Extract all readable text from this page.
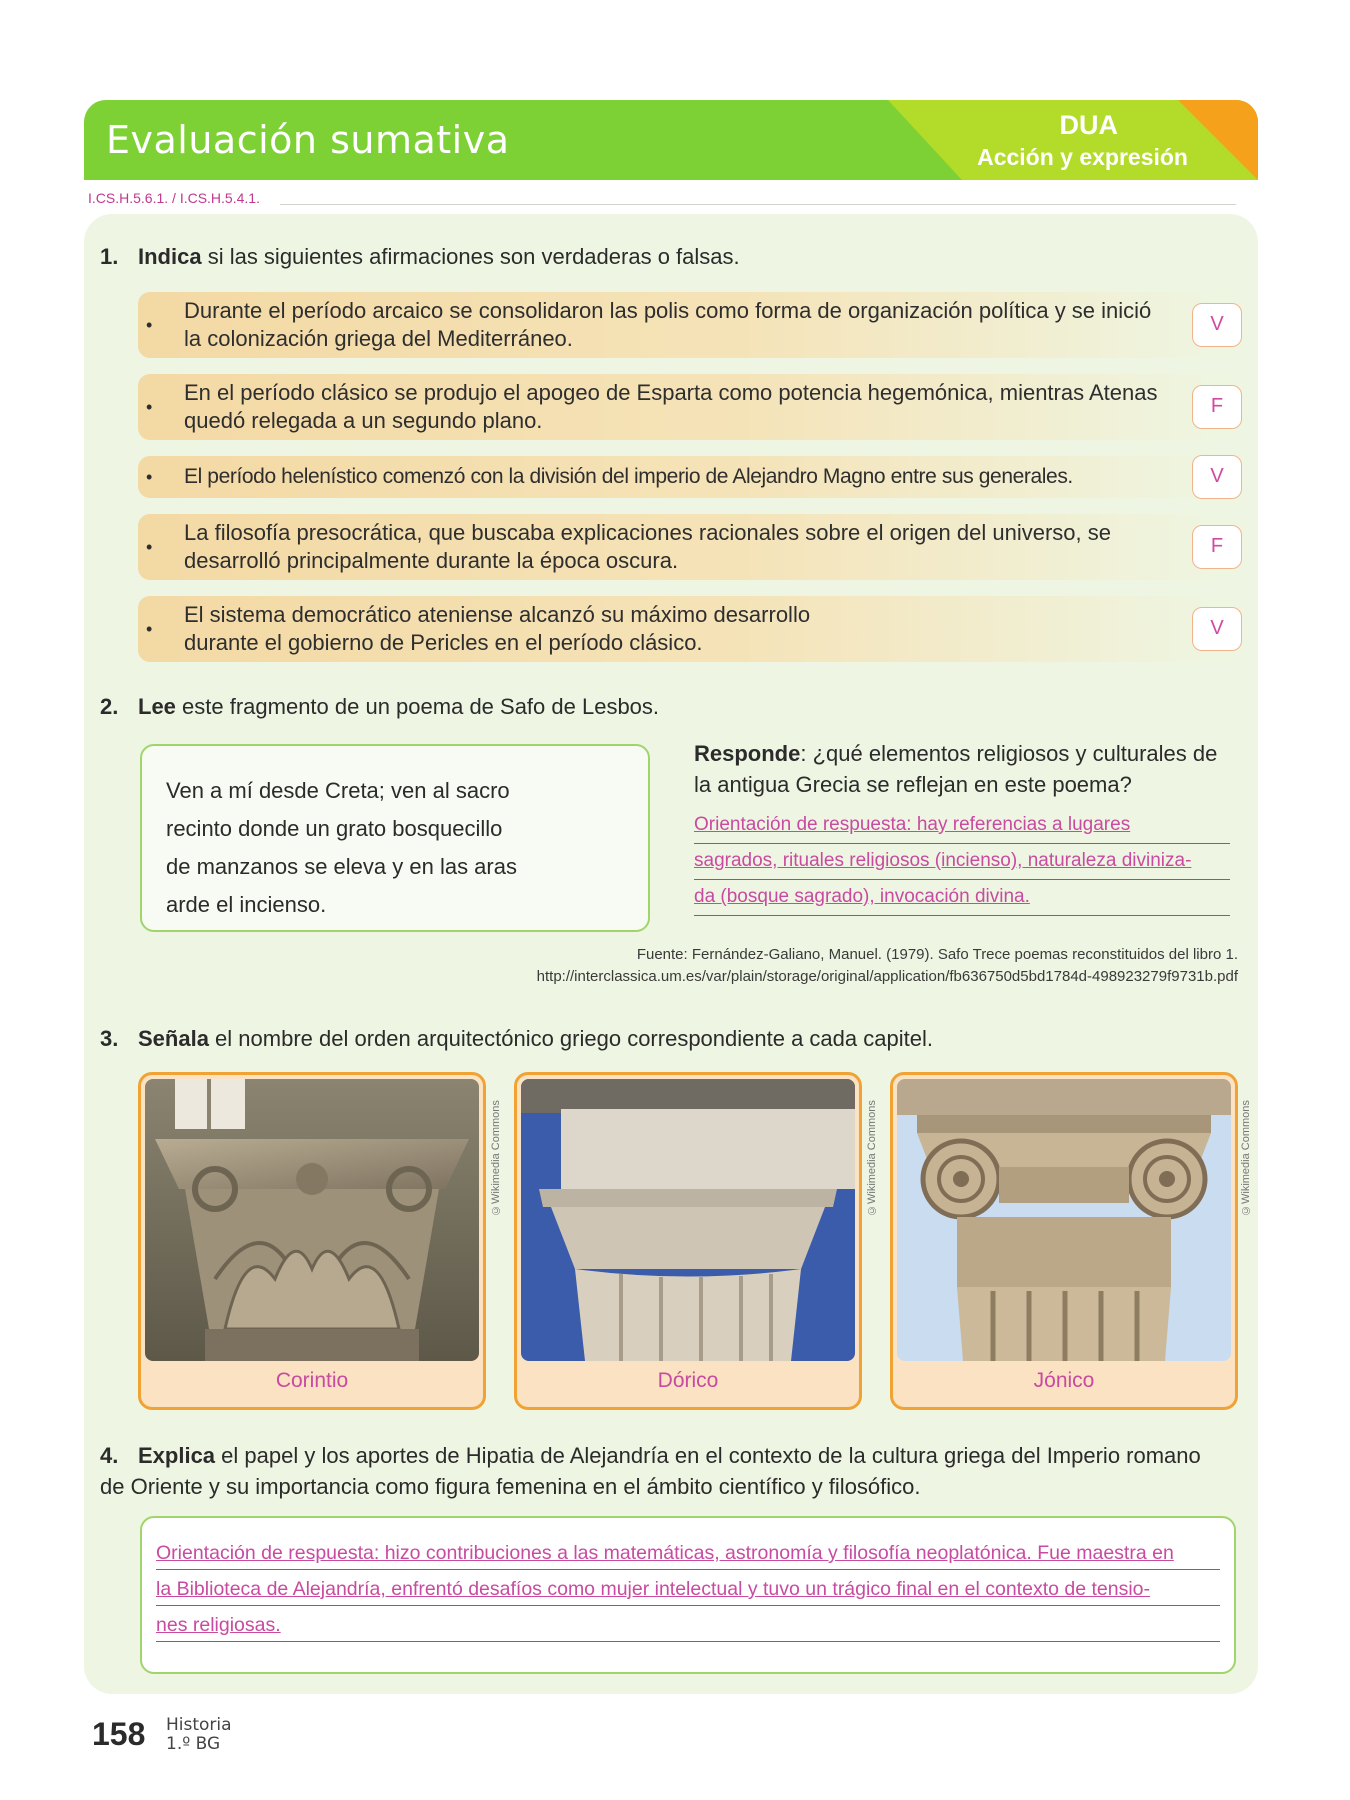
Evaluación sumativa	DUA
Acción y expresión
I.CS.H.5.6.1. / I.CS.H.5.4.1.
1. Indica si las siguientes afirmaciones son verdaderas o falsas.
•
Durante el período arcaico se consolidaron las polis como forma de organización política y se inició la colonización griega del Mediterráneo.
V
•
En el período clásico se produjo el apogeo de Esparta como potencia hegemónica, mientras Atenas quedó relegada a un segundo plano.
F
• El período helenístico comenzó con la división del imperio de Alejandro Magno entre sus generales.	V
•
La filosofía presocrática, que buscaba explicaciones racionales sobre el origen del universo, se desarrolló principalmente durante la época oscura.
F
•
El sistema democrático ateniense alcanzó su máximo desarrollo durante el gobierno de Pericles en el período clásico.
V
2. Lee este fragmento de un poema de Safo de Lesbos.

Ven a mí desde Creta; ven al sacro

recinto donde un grato bosquecillo

de manzanos se eleva y en las aras

arde el incienso.

Responde: ¿qué elementos religiosos y culturales de la antigua Grecia se reflejan en este poema?
Orientación de respuesta: hay referencias a lugares
sagrados, rituales religiosos (incienso), naturaleza diviniza-
da (bosque sagrado), invocación divina.
Fuente: Fernández-Galiano, Manuel. (1979). Safo Trece poemas reconstituidos del libro 1.
http://interclassica.um.es/var/plain/storage/original/application/fb636750d5bd1784d-498923279f9731b.pdf
3. Señala el nombre del orden arquitectónico griego correspondiente a cada capitel.
Corintio
©Wikimedia Commons
Dórico
©Wikimedia Commons
Jónico
©Wikimedia Commons
4. Explica el papel y los aportes de Hipatia de Alejandría en el contexto de la cultura griega del Imperio romano
de Oriente y su importancia como figura femenina en el ámbito científico y filosófico.
Orientación de respuesta: hizo contribuciones a las matemáticas, astronomía y filosofía neoplatónica. Fue maestra en
la Biblioteca de Alejandría, enfrentó desafíos como mujer intelectual y tuvo un trágico final en el contexto de tensio-
nes religiosas.
158 Historia
1.º BG
